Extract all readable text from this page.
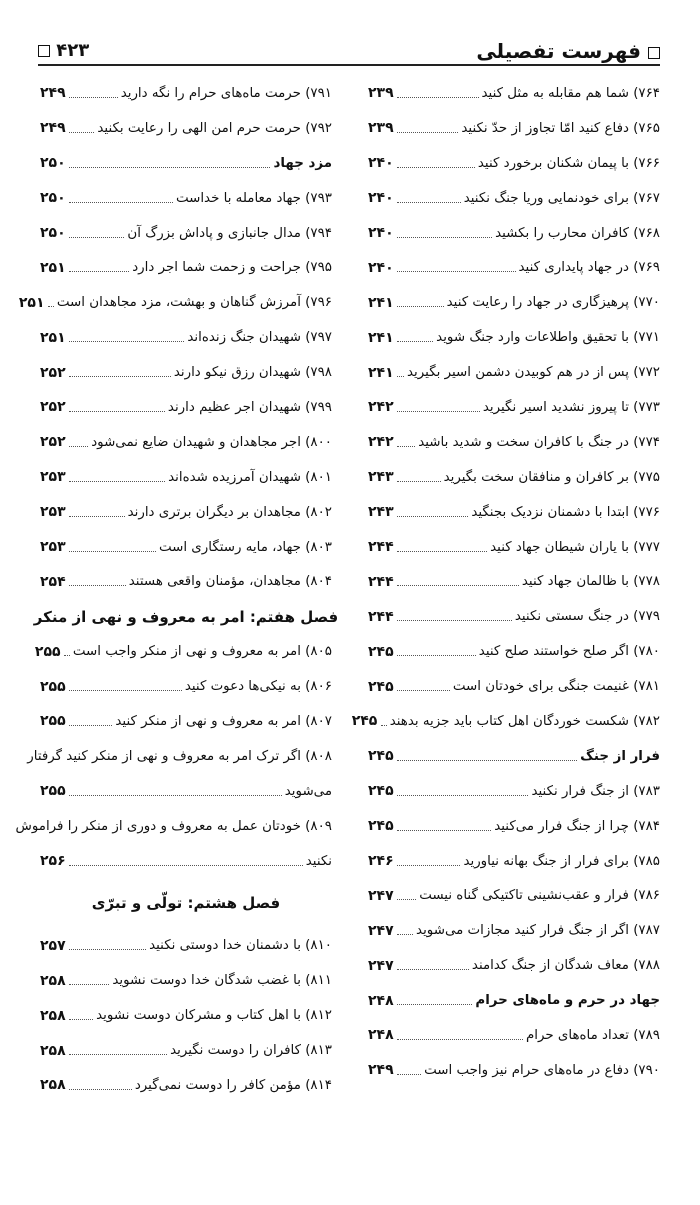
فهرست تفصیلی
۴۲۳
۷۶۴) شما هم مقابله به مثل کنید
۲۳۹
۷۶۵) دفاع کنید امّا تجاوز از حدّ نکنید
۲۳۹
۷۶۶) با پیمان شکنان برخورد کنید
۲۴۰
۷۶۷) برای خودنمایی وریا جنگ نکنید
۲۴۰
۷۶۸) کافران محارب را بکشید
۲۴۰
۷۶۹) در جهاد پایداری کنید
۲۴۰
۷۷۰) پرهیزگاری در جهاد را رعایت کنید
۲۴۱
۷۷۱) با تحقیق واطلاعات وارد جنگ شوید
۲۴۱
۷۷۲) پس از در هم کوبیدن دشمن اسیر بگیرید
۲۴۱
۷۷۳) تا پیروز نشدید اسیر نگیرید
۲۴۲
۷۷۴) در جنگ با کافران سخت و شدید باشید
۲۴۲
۷۷۵) بر کافران و منافقان سخت بگیرید
۲۴۳
۷۷۶) ابتدا با دشمنان نزدیک بجنگید
۲۴۳
۷۷۷) با یاران شیطان جهاد کنید
۲۴۴
۷۷۸) با ظالمان جهاد کنید
۲۴۴
۷۷۹) در جنگ سستی نکنید
۲۴۴
۷۸۰) اگر صلح خواستند صلح کنید
۲۴۵
۷۸۱) غنیمت جنگی برای خودتان است
۲۴۵
۷۸۲) شکست خوردگان اهل کتاب باید جزیه بدهند
۲۴۵
فرار از جنگ
۲۴۵
۷۸۳) از جنگ فرار نکنید
۲۴۵
۷۸۴) چرا از جنگ فرار می‌کنید
۲۴۵
۷۸۵) برای فرار از جنگ بهانه نیاورید
۲۴۶
۷۸۶) فرار و عقب‌نشینی تاکتیکی گناه نیست
۲۴۷
۷۸۷) اگر از جنگ فرار کنید مجازات می‌شوید
۲۴۷
۷۸۸) معاف شدگان از جنگ کدامند
۲۴۷
جهاد در حرم و ماه‌های حرام
۲۴۸
۷۸۹) تعداد ماه‌های حرام
۲۴۸
۷۹۰) دفاع در ماه‌های حرام نیز واجب است
۲۴۹
۷۹۱) حرمت ماه‌های حرام را نگه دارید
۲۴۹
۷۹۲) حرمت حرم امن الهی را رعایت بکنید
۲۴۹
مزد جهاد
۲۵۰
۷۹۳) جهاد معامله با خداست
۲۵۰
۷۹۴) مدال جانبازی و پاداش بزرگ آن
۲۵۰
۷۹۵) جراحت و زحمت شما اجر دارد
۲۵۱
۷۹۶) آمرزش گناهان و بهشت، مزد مجاهدان است
۲۵۱
۷۹۷) شهیدان جنگ زنده‌اند
۲۵۱
۷۹۸) شهیدان رزق نیکو دارند
۲۵۲
۷۹۹) شهیدان اجر عظیم دارند
۲۵۲
۸۰۰) اجر مجاهدان و شهیدان ضایع نمی‌شود
۲۵۲
۸۰۱) شهیدان آمرزیده شده‌اند
۲۵۳
۸۰۲) مجاهدان بر دیگران برتری دارند
۲۵۳
۸۰۳) جهاد، مایه رستگاری است
۲۵۳
۸۰۴) مجاهدان، مؤمنان واقعی هستند
۲۵۴
فصل هفتم: امر به معروف و نهی از منکر
۸۰۵) امر به معروف و نهی از منکر واجب است
۲۵۵
۸۰۶) به نیکی‌ها دعوت کنید
۲۵۵
۸۰۷) امر به معروف و نهی از منکر کنید
۲۵۵
۸۰۸) اگر ترک امر به معروف و نهی از منکر کنید گرفتار
می‌شوید
۲۵۵
۸۰۹) خودتان عمل به معروف و دوری از منکر را فراموش
نکنید
۲۵۶
فصل هشتم: تولّی و تبرّی
۸۱۰) با دشمنان خدا دوستی نکنید
۲۵۷
۸۱۱) با غضب شدگان خدا دوست نشوید
۲۵۸
۸۱۲) با اهل کتاب و مشرکان دوست نشوید
۲۵۸
۸۱۳) کافران را دوست نگیرید
۲۵۸
۸۱۴) مؤمن کافر را دوست نمی‌گیرد
۲۵۸
